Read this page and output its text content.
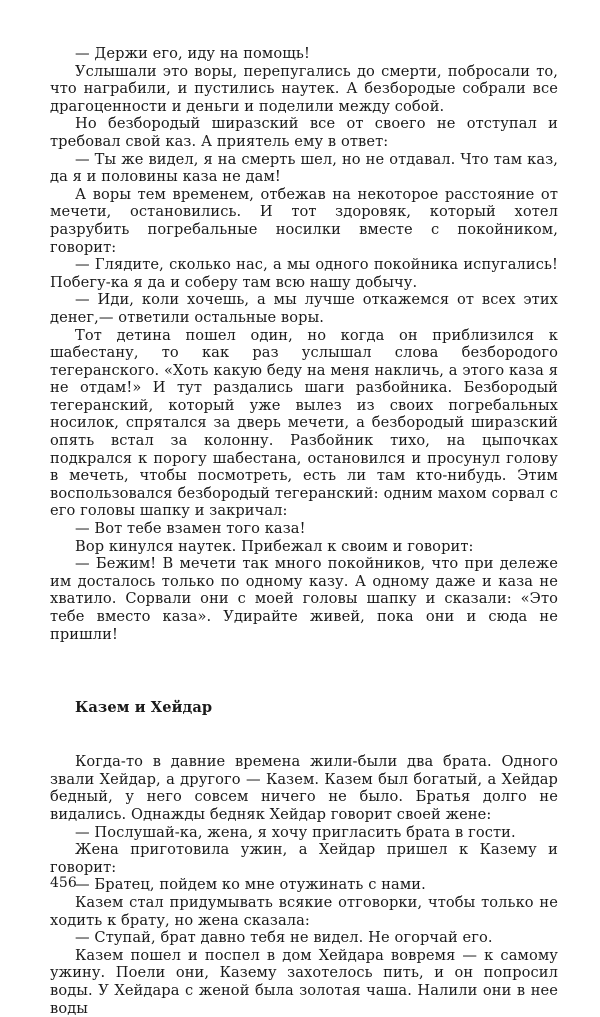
— Держи его, иду на помощь!

Услышали это воры, перепугались до смерти, побросали то, что награбили, и пустились наутек. А безбородые собрали все драгоценности и деньги и поделили между собой.

Но безбородый ширазский все от своего не отступал и требовал свой каз. А приятель ему в ответ:

— Ты же видел, я на смерть шел, но не отдавал. Что там каз, да я и половины каза не дам!

А воры тем временем, отбежав на некоторое расстояние от мечети, остановились. И тот здоровяк, который хотел разрубить погребальные носилки вместе с покойником, говорит:

— Глядите, сколько нас, а мы одного покойника испугались! Побегу-ка я да и соберу там всю нашу добычу.

— Иди, коли хочешь, а мы лучше откажемся от всех этих денег,— ответили остальные воры.

Тот детина пошел один, но когда он приблизился к шабестану, то как раз услышал слова безбородого тегеранского. «Хоть какую беду на меня накличь, а этого каза я не отдам!» И тут раздались шаги разбойника. Безбородый тегеранский, который уже вылез из своих погребальных носилок, спрятался за дверь мечети, а безбородый ширазский опять встал за колонну. Разбойник тихо, на цыпочках подкрался к порогу шабестана, остановился и просунул голову в мечеть, чтобы посмотреть, есть ли там кто-нибудь. Этим воспользовался безбородый тегеранский: одним махом сорвал с его головы шапку и закричал:

— Вот тебе взамен того каза!

Вор кинулся наутек. Прибежал к своим и говорит:

— Бежим! В мечети так много покойников, что при дележе им досталось только по одному казу. А одному даже и каза не хватило. Сорвали они с моей головы шапку и сказали: «Это тебе вместо каза». Удирайте живей, пока они и сюда не пришли!

Казем и Хейдар

Когда-то в давние времена жили-были два брата. Одного звали Хейдар, а другого — Казем. Казем был богатый, а Хейдар бедный, у него совсем ничего не было. Братья долго не видались. Однажды бедняк Хейдар говорит своей жене:

— Послушай-ка, жена, я хочу пригласить брата в гости.

Жена приготовила ужин, а Хейдар пришел к Казему и говорит:

— Братец, пойдем ко мне отужинать с нами.

Казем стал придумывать всякие отговорки, чтобы только не ходить к брату, но жена сказала:

— Ступай, брат давно тебя не видел. Не огорчай его.

Казем пошел и поспел в дом Хейдара вовремя — к самому ужину. Поели они, Казему захотелось пить, и он попросил воды. У Хейдара с женой была золотая чаша. Налили они в нее воды

456
